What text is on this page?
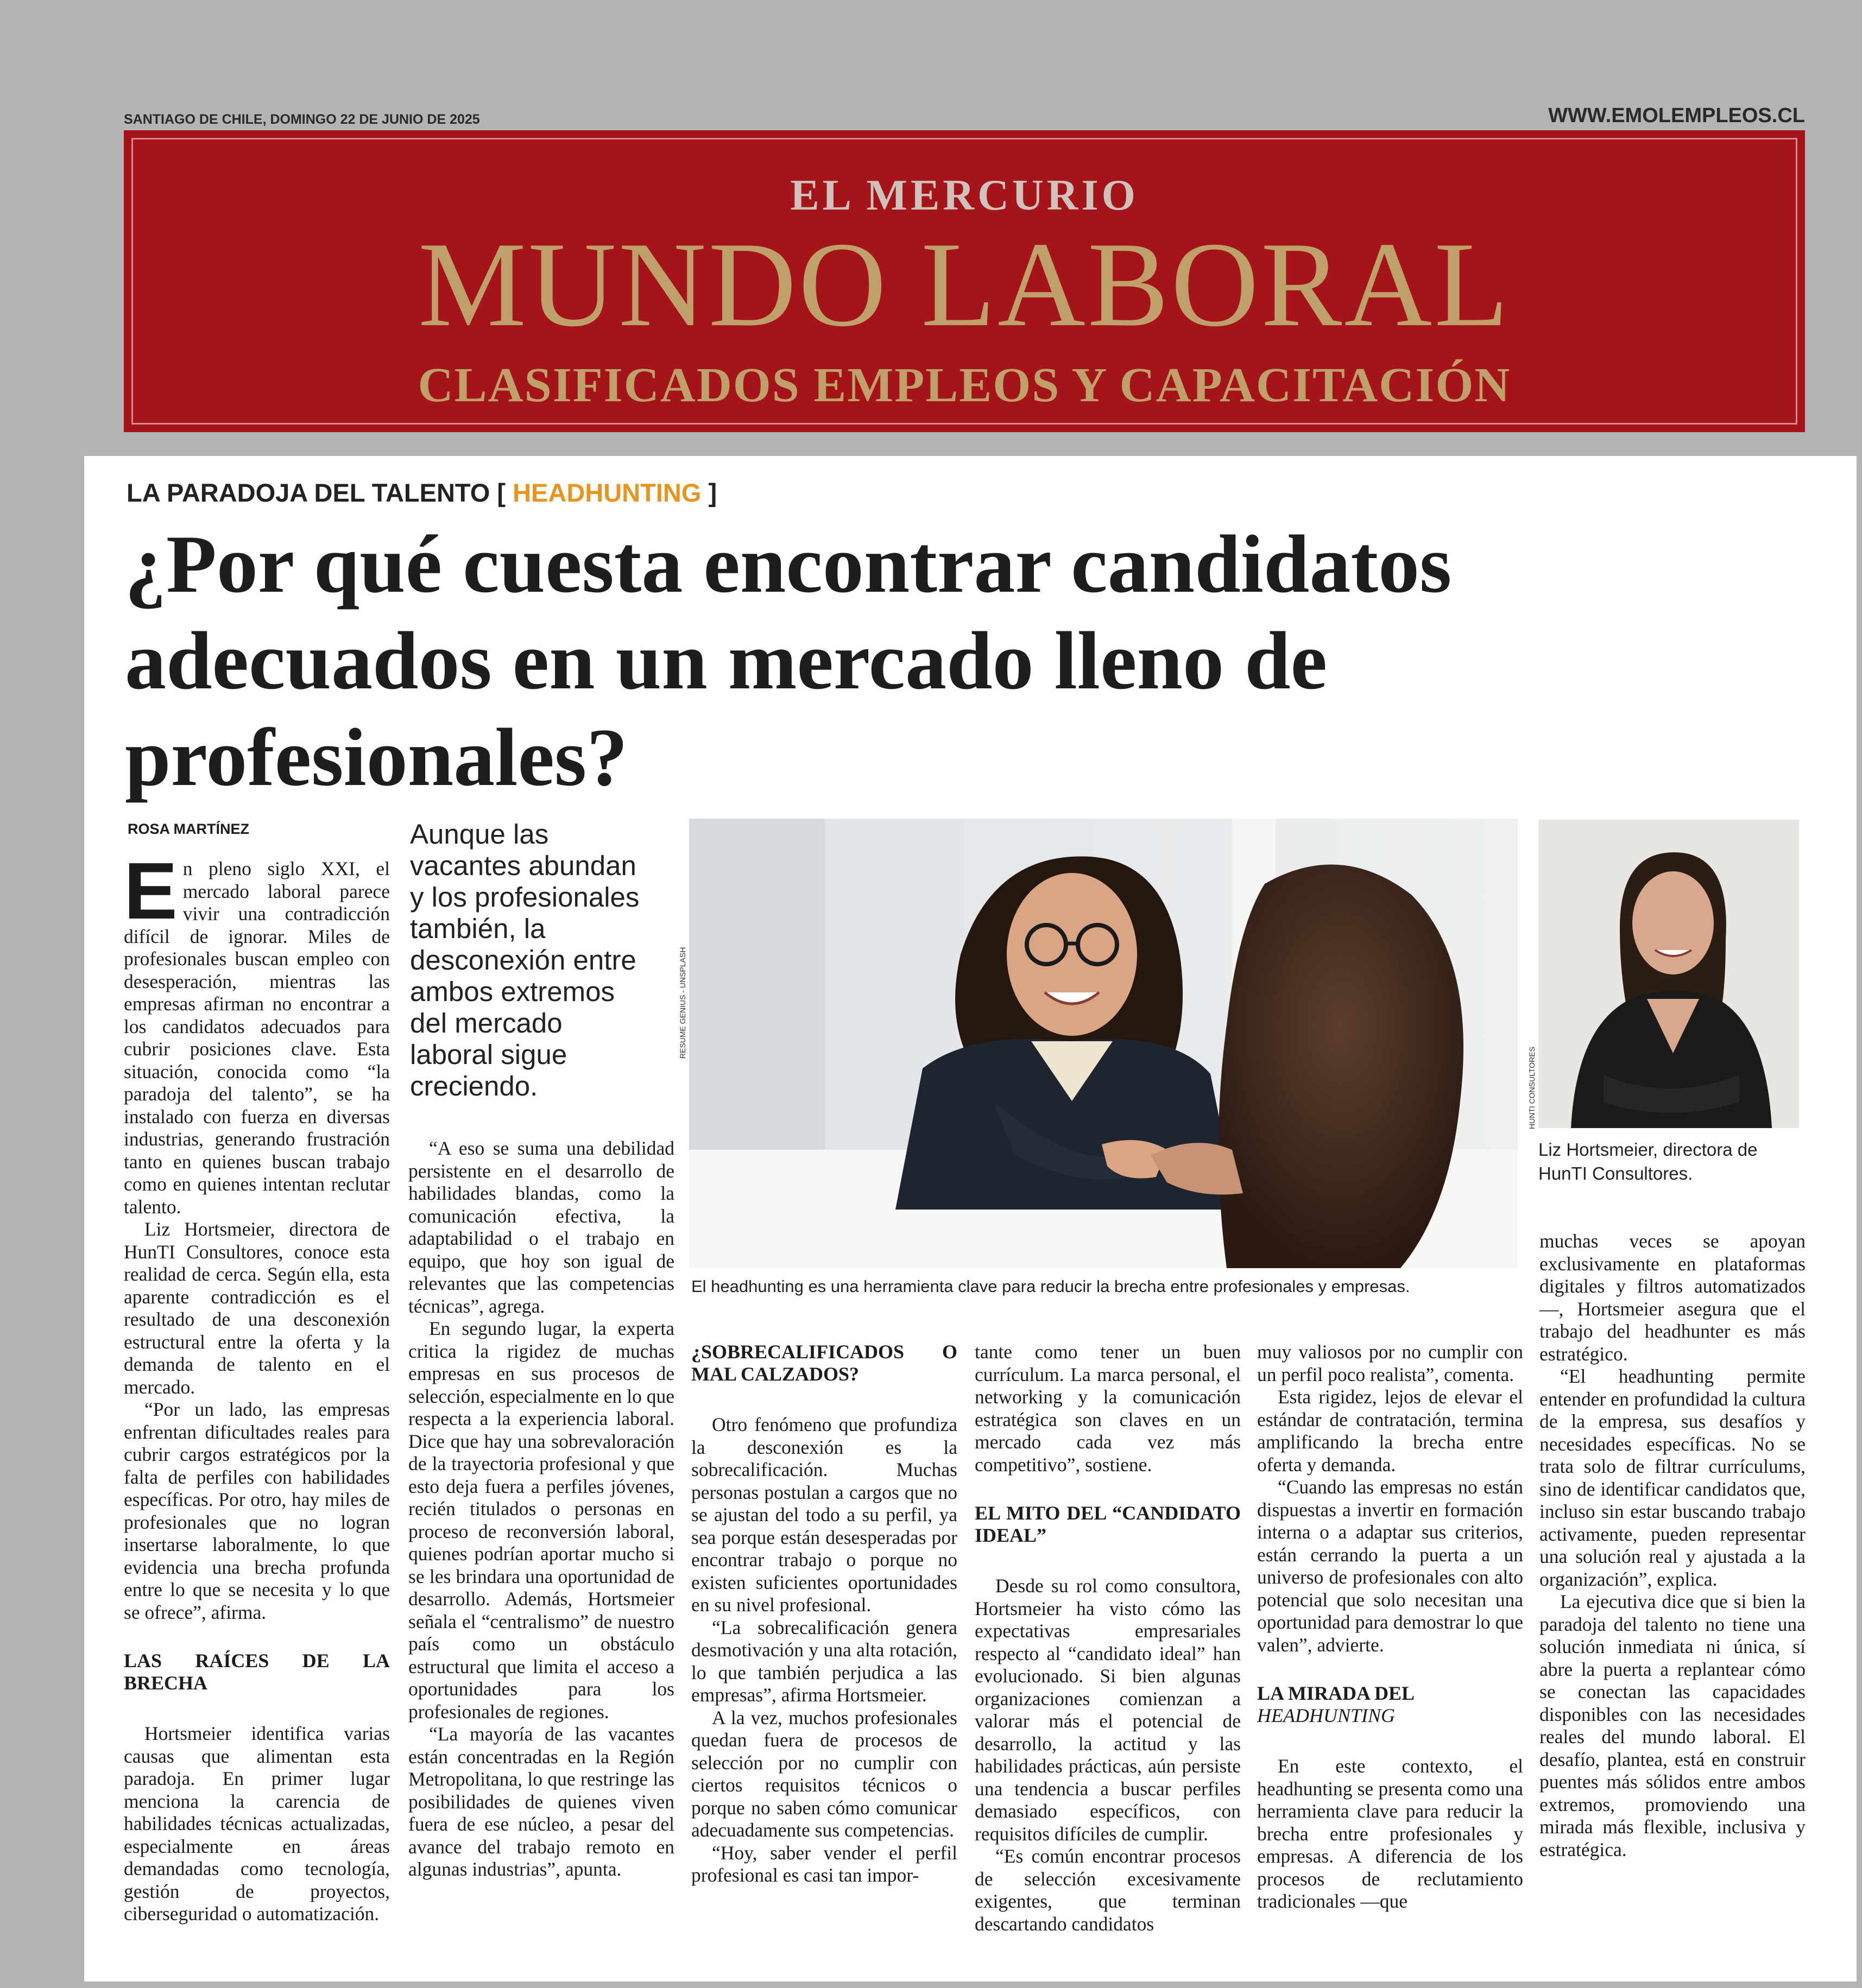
SANTIAGO DE CHILE, DOMINGO 22 DE JUNIO DE 2025	WWW.EMOLEMPLEOS.CL
EL MERCURIO
MUNDO LABORAL
CLASIFICADOS EMPLEOS Y CAPACITACIÓN
LA PARADOJA DEL TALENTO [ HEADHUNTING ]
¿Por qué cuesta encontrar candidatos adecuados en un mercado lleno de profesionales?
ROSA MARTÍNEZ

En pleno siglo XXI, el mercado laboral parece vivir una contradicción difícil de ignorar. Miles de profesionales buscan empleo con desesperación, mientras las empresas afirman no encontrar a los candidatos adecuados para cubrir posiciones clave. Esta situación, conocida como “la paradoja del talento”, se ha instalado con fuerza en diversas industrias, generando frustración tanto en quienes buscan trabajo como en quienes intentan reclutar talento.

Liz Hortsmeier, directora de HunTI Consultores, conoce esta realidad de cerca. Según ella, esta aparente contradicción es el resultado de una desconexión estructural entre la oferta y la demanda de talento en el mercado.

“Por un lado, las empresas enfrentan dificultades reales para cubrir cargos estratégicos por la falta de perfiles con habilidades específicas. Por otro, hay miles de profesionales que no logran insertarse laboralmente, lo que evidencia una brecha profunda entre lo que se necesita y lo que se ofrece”, afirma.

LAS RAÍCES DE LA BRECHA

Hortsmeier identifica varias causas que alimentan esta paradoja. En primer lugar menciona la carencia de habilidades técnicas actualizadas, especialmente en áreas demandadas como tecnología, gestión de proyectos, ciberseguridad o automatización.

Aunque las vacantes abundan y los profesionales también, la desconexión entre ambos extremos del mercado laboral sigue creciendo.

“A eso se suma una debilidad persistente en el desarrollo de habilidades blandas, como la comunicación efectiva, la adaptabilidad o el trabajo en equipo, que hoy son igual de relevantes que las competencias técnicas”, agrega.

En segundo lugar, la experta critica la rigidez de muchas empresas en sus procesos de selección, especialmente en lo que respecta a la experiencia laboral. Dice que hay una sobrevaloración de la trayectoria profesional y que esto deja fuera a perfiles jóvenes, recién titulados o personas en proceso de reconversión laboral, quienes podrían aportar mucho si se les brindara una oportunidad de desarrollo. Además, Hortsmeier señala el “centralismo” de nuestro país como un obstáculo estructural que limita el acceso a oportunidades para los profesionales de regiones.

“La mayoría de las vacantes están concentradas en la Región Metropolitana, lo que restringe las posibilidades de quienes viven fuera de ese núcleo, a pesar del avance del trabajo remoto en algunas industrias”, apunta.

RESUME GENIUS - UNSPLASH
El headhunting es una herramienta clave para reducir la brecha entre profesionales y empresas.
HUNTI CONSULTORES
Liz Hortsmeier, directora de HunTI Consultores.
¿SOBRECALIFICADOS O MAL CALZADOS?

Otro fenómeno que profundiza la desconexión es la sobrecalificación. Muchas personas postulan a cargos que no se ajustan del todo a su perfil, ya sea porque están desesperadas por encontrar trabajo o porque no existen suficientes oportunidades en su nivel profesional.

“La sobrecalificación genera desmotivación y una alta rotación, lo que también perjudica a las empresas”, afirma Hortsmeier.

A la vez, muchos profesionales quedan fuera de procesos de selección por no cumplir con ciertos requisitos técnicos o porque no saben cómo comunicar adecuadamente sus competencias.

“Hoy, saber vender el perfil profesional es casi tan impor-

tante como tener un buen currículum. La marca personal, el networking y la comunicación estratégica son claves en un mercado cada vez más competitivo”, sostiene.

EL MITO DEL “CANDIDATO IDEAL”

Desde su rol como consultora, Hortsmeier ha visto cómo las expectativas empresariales respecto al “candidato ideal” han evolucionado. Si bien algunas organizaciones comienzan a valorar más el potencial de desarrollo, la actitud y las habilidades prácticas, aún persiste una tendencia a buscar perfiles demasiado específicos, con requisitos difíciles de cumplir.

“Es común encontrar procesos de selección excesivamente exigentes, que terminan descartando candidatos

muy valiosos por no cumplir con un perfil poco realista”, comenta.

Esta rigidez, lejos de elevar el estándar de contratación, termina amplificando la brecha entre oferta y demanda.

“Cuando las empresas no están dispuestas a invertir en formación interna o a adaptar sus criterios, están cerrando la puerta a un universo de profesionales con alto potencial que solo necesitan una oportunidad para demostrar lo que valen”, advierte.

LA MIRADA DEL
HEADHUNTING

En este contexto, el headhunting se presenta como una herramienta clave para reducir la brecha entre profesionales y empresas. A diferencia de los procesos de reclutamiento tradicionales —que

muchas veces se apoyan exclusivamente en plataformas digitales y filtros automatizados—, Hortsmeier asegura que el trabajo del headhunter es más estratégico.

“El headhunting permite entender en profundidad la cultura de la empresa, sus desafíos y necesidades específicas. No se trata solo de filtrar currículums, sino de identificar candidatos que, incluso sin estar buscando trabajo activamente, pueden representar una solución real y ajustada a la organización”, explica.

La ejecutiva dice que si bien la paradoja del talento no tiene una solución inmediata ni única, sí abre la puerta a replantear cómo se conectan las capacidades disponibles con las necesidades reales del mundo laboral. El desafío, plantea, está en construir puentes más sólidos entre ambos extremos, promoviendo una mirada más flexible, inclusiva y estratégica.
